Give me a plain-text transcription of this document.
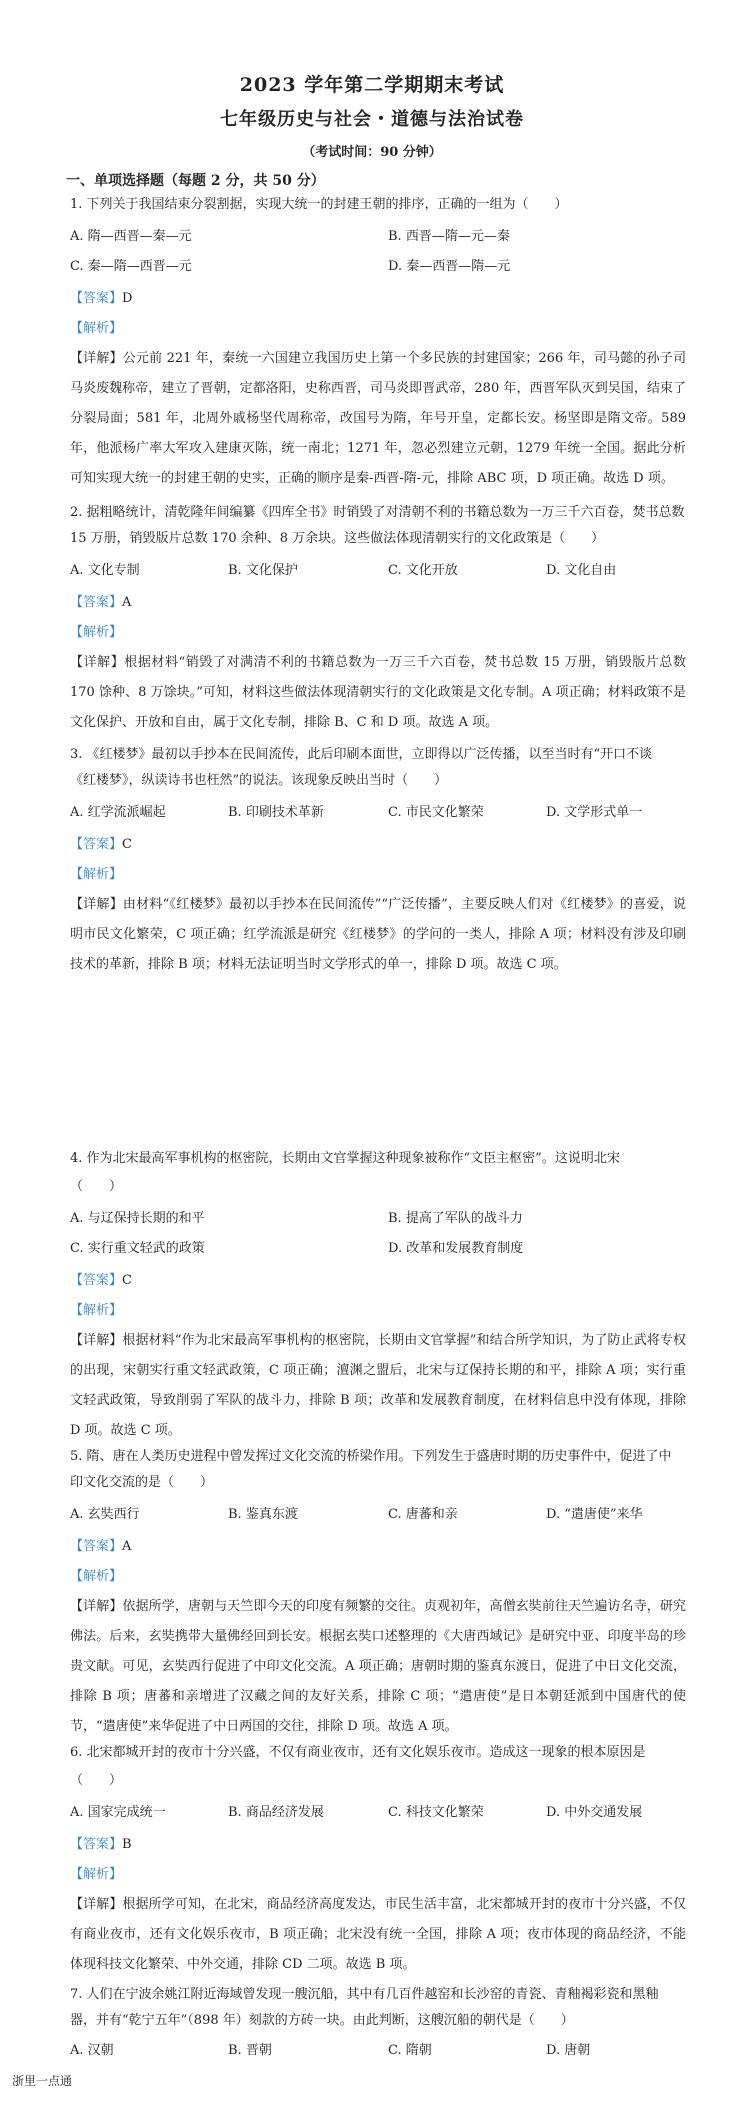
2023 学年第二学期期末考试
七年级历史与社会・道德与法治试卷
（考试时间：90 分钟）
一、单项选择题（每题 2 分，共 50 分）
1. 下列关于我国结束分裂割据，实现大统一的封建王朝的排序，正确的一组为（　　）
A. 隋—西晋—秦—元	B. 西晋—隋—元—秦
C. 秦—隋—西晋—元	D. 秦—西晋—隋—元
【答案】D
【解析】
【详解】公元前 221 年，秦统一六国建立我国历史上第一个多民族的封建国家；266 年，司马懿的孙子司马炎废魏称帝，建立了晋朝，定都洛阳，史称西晋，司马炎即晋武帝，280 年，西晋军队灭到吴国，结束了分裂局面；581 年，北周外戚杨坚代周称帝，改国号为隋，年号开皇，定都长安。杨坚即是隋文帝。589 年，他派杨广率大军攻入建康灭陈，统一南北；1271 年，忽必烈建立元朝，1279 年统一全国。据此分析可知实现大统一的封建王朝的史实，正确的顺序是秦-西晋-隋-元，排除 ABC 项，D 项正确。故选 D 项。
2. 据粗略统计，清乾隆年间编纂《四库全书》时销毁了对清朝不利的书籍总数为一万三千六百卷，焚书总数
15 万册，销毁版片总数 170 余种、8 万余块。这些做法体现清朝实行的文化政策是（　　）
A. 文化专制	B. 文化保护	C. 文化开放	D. 文化自由
【答案】A
【解析】
【详解】根据材料“销毁了对满清不利的书籍总数为一万三千六百卷，焚书总数 15 万册，销毁版片总数 170 馀种、8 万馀块。”可知，材料这些做法体现清朝实行的文化政策是文化专制。A 项正确；材料政策不是文化保护、开放和自由，属于文化专制，排除 B、C 和 D 项。故选 A 项。
3. 《红楼梦》最初以手抄本在民间流传，此后印刷本面世，立即得以广泛传播，以至当时有“开口不谈
《红楼梦》，纵读诗书也枉然”的说法。该现象反映出当时（　　）
A. 红学流派崛起	B. 印刷技术革新	C. 市民文化繁荣	D. 文学形式单一
【答案】C
【解析】
【详解】由材料“《红楼梦》最初以手抄本在民间流传”“广泛传播”，主要反映人们对《红楼梦》的喜爱，说明市民文化繁荣，C 项正确；红学流派是研究《红楼梦》的学问的一类人，排除 A 项；材料没有涉及印刷技术的革新，排除 B 项；材料无法证明当时文学形式的单一，排除 D 项。故选 C 项。
4. 作为北宋最高军事机构的枢密院，长期由文官掌握这种现象被称作“文臣主枢密”。这说明北宋
（　　）
A. 与辽保持长期的和平	B. 提高了军队的战斗力
C. 实行重文轻武的政策	D. 改革和发展教育制度
【答案】C
【解析】
【详解】根据材料“作为北宋最高军事机构的枢密院，长期由文官掌握”和结合所学知识，为了防止武将专权的出现，宋朝实行重文轻武政策，C 项正确；澶渊之盟后，北宋与辽保持长期的和平，排除 A 项；实行重文轻武政策，导致削弱了军队的战斗力，排除 B 项；改革和发展教育制度，在材料信息中没有体现，排除 D 项。故选 C 项。
5. 隋、唐在人类历史进程中曾发挥过文化交流的桥梁作用。下列发生于盛唐时期的历史事件中，促进了中
印文化交流的是（　　）
A. 玄奘西行	B. 鉴真东渡	C. 唐蕃和亲	D. “遣唐使”来华
【答案】A
【解析】
【详解】依据所学，唐朝与天竺即今天的印度有频繁的交往。贞观初年，高僧玄奘前往天竺遍访名寺，研究佛法。后来，玄奘携带大量佛经回到长安。根据玄奘口述整理的《大唐西域记》是研究中亚、印度半岛的珍贵文献。可见，玄奘西行促进了中印文化交流。A 项正确；唐朝时期的鉴真东渡日，促进了中日文化交流，排除 B 项；唐蕃和亲增进了汉藏之间的友好关系，排除 C 项；“遣唐使”是日本朝廷派到中国唐代的使节，“遣唐使”来华促进了中日两国的交往，排除 D 项。故选 A 项。
6. 北宋都城开封的夜市十分兴盛，不仅有商业夜市，还有文化娱乐夜市。造成这一现象的根本原因是
（　　）
A. 国家完成统一	B. 商品经济发展	C. 科技文化繁荣	D. 中外交通发展
【答案】B
【解析】
【详解】根据所学可知，在北宋，商品经济高度发达，市民生活丰富，北宋都城开封的夜市十分兴盛，不仅有商业夜市，还有文化娱乐夜市，B 项正确；北宋没有统一全国，排除 A 项；夜市体现的商品经济，不能体现科技文化繁荣、中外交通，排除 CD 二项。故选 B 项。
7. 人们在宁波余姚江附近海域曾发现一艘沉船，其中有几百件越窑和长沙窑的青瓷、青釉褐彩瓷和黑釉
器，并有“乾宁五年”（898 年）刻款的方砖一块。由此判断，这艘沉船的朝代是（　　）
A. 汉朝	B. 晋朝	C. 隋朝	D. 唐朝
浙里一点通
